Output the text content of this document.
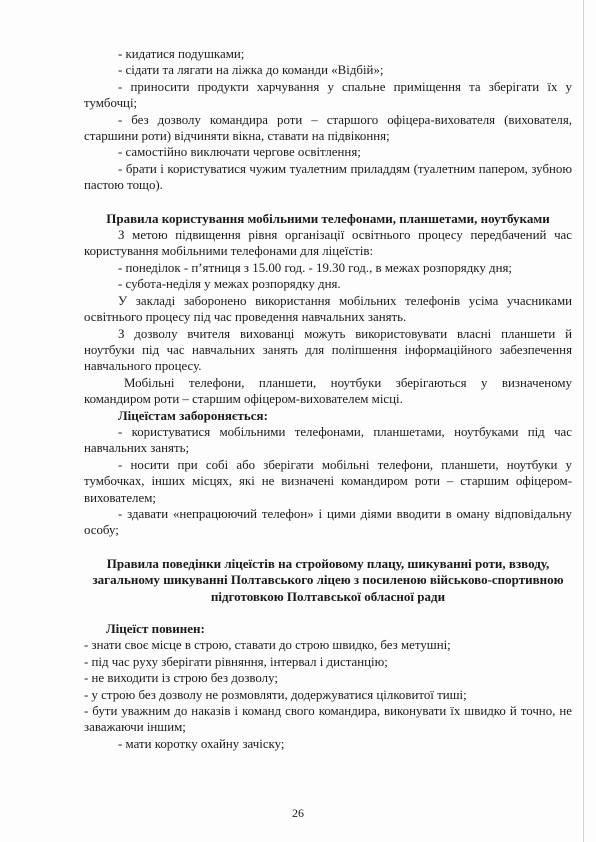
- кидатися подушками;

- сідати та лягати на ліжка до команди «Відбій»;

- приносити продукти харчування у спальне приміщення та зберігати їх у тумбочці;

- без дозволу командира роти – старшого офіцера-вихователя (вихователя, старшини роти) відчиняти вікна, ставати на підвіконня;

- самостійно виключати чергове освітлення;

- брати і користуватися чужим туалетним приладдям (туалетним папером, зубною пастою тощо).

Правила користування мобільними телефонами, планшетами, ноутбуками

З метою підвищення рівня організації освітнього процесу передбачений час користування мобільними телефонами для ліцеїстів:

- понеділок - п’ятниця з 15.00 год. - 19.30 год., в межах розпорядку дня;

- субота-неділя у межах розпорядку дня.

У закладі заборонено використання мобільних телефонів усіма учасниками освітнього процесу під час проведення навчальних занять.

З дозволу вчителя вихованці можуть використовувати власні планшети й ноутбуки під час навчальних занять для поліпшення інформаційного забезпечення навчального процесу.

Мобільні телефони, планшети, ноутбуки зберігаються у визначеному командиром роти – старшим офіцером-вихователем місці.

Ліцеїстам забороняється:

- користуватися мобільними телефонами, планшетами, ноутбуками під час навчальних занять;

- носити при собі або зберігати мобільні телефони, планшети, ноутбуки у тумбочках, інших місцях, які не визначені командиром роти – старшим офіцером-вихователем;

- здавати «непрацюючий телефон» і цими діями вводити в оману відповідальну особу;

Правила поведінки ліцеїстів на стройовому плацу, шикуванні роти, взводу, загальному шикуванні Полтавського ліцею з посиленою військово-спортивною підготовкою Полтавської обласної ради

Ліцеїст повинен:

- знати своє місце в строю, ставати до строю швидко, без метушні;

- під час руху зберігати рівняння, інтервал і дистанцію;

- не виходити із строю без дозволу;

- у строю без дозволу не розмовляти, додержуватися цілковитої тиші;

- бути уважним до наказів і команд свого командира, виконувати їх швидко й точно, не заважаючи іншим;

- мати коротку охайну зачіску;

26
